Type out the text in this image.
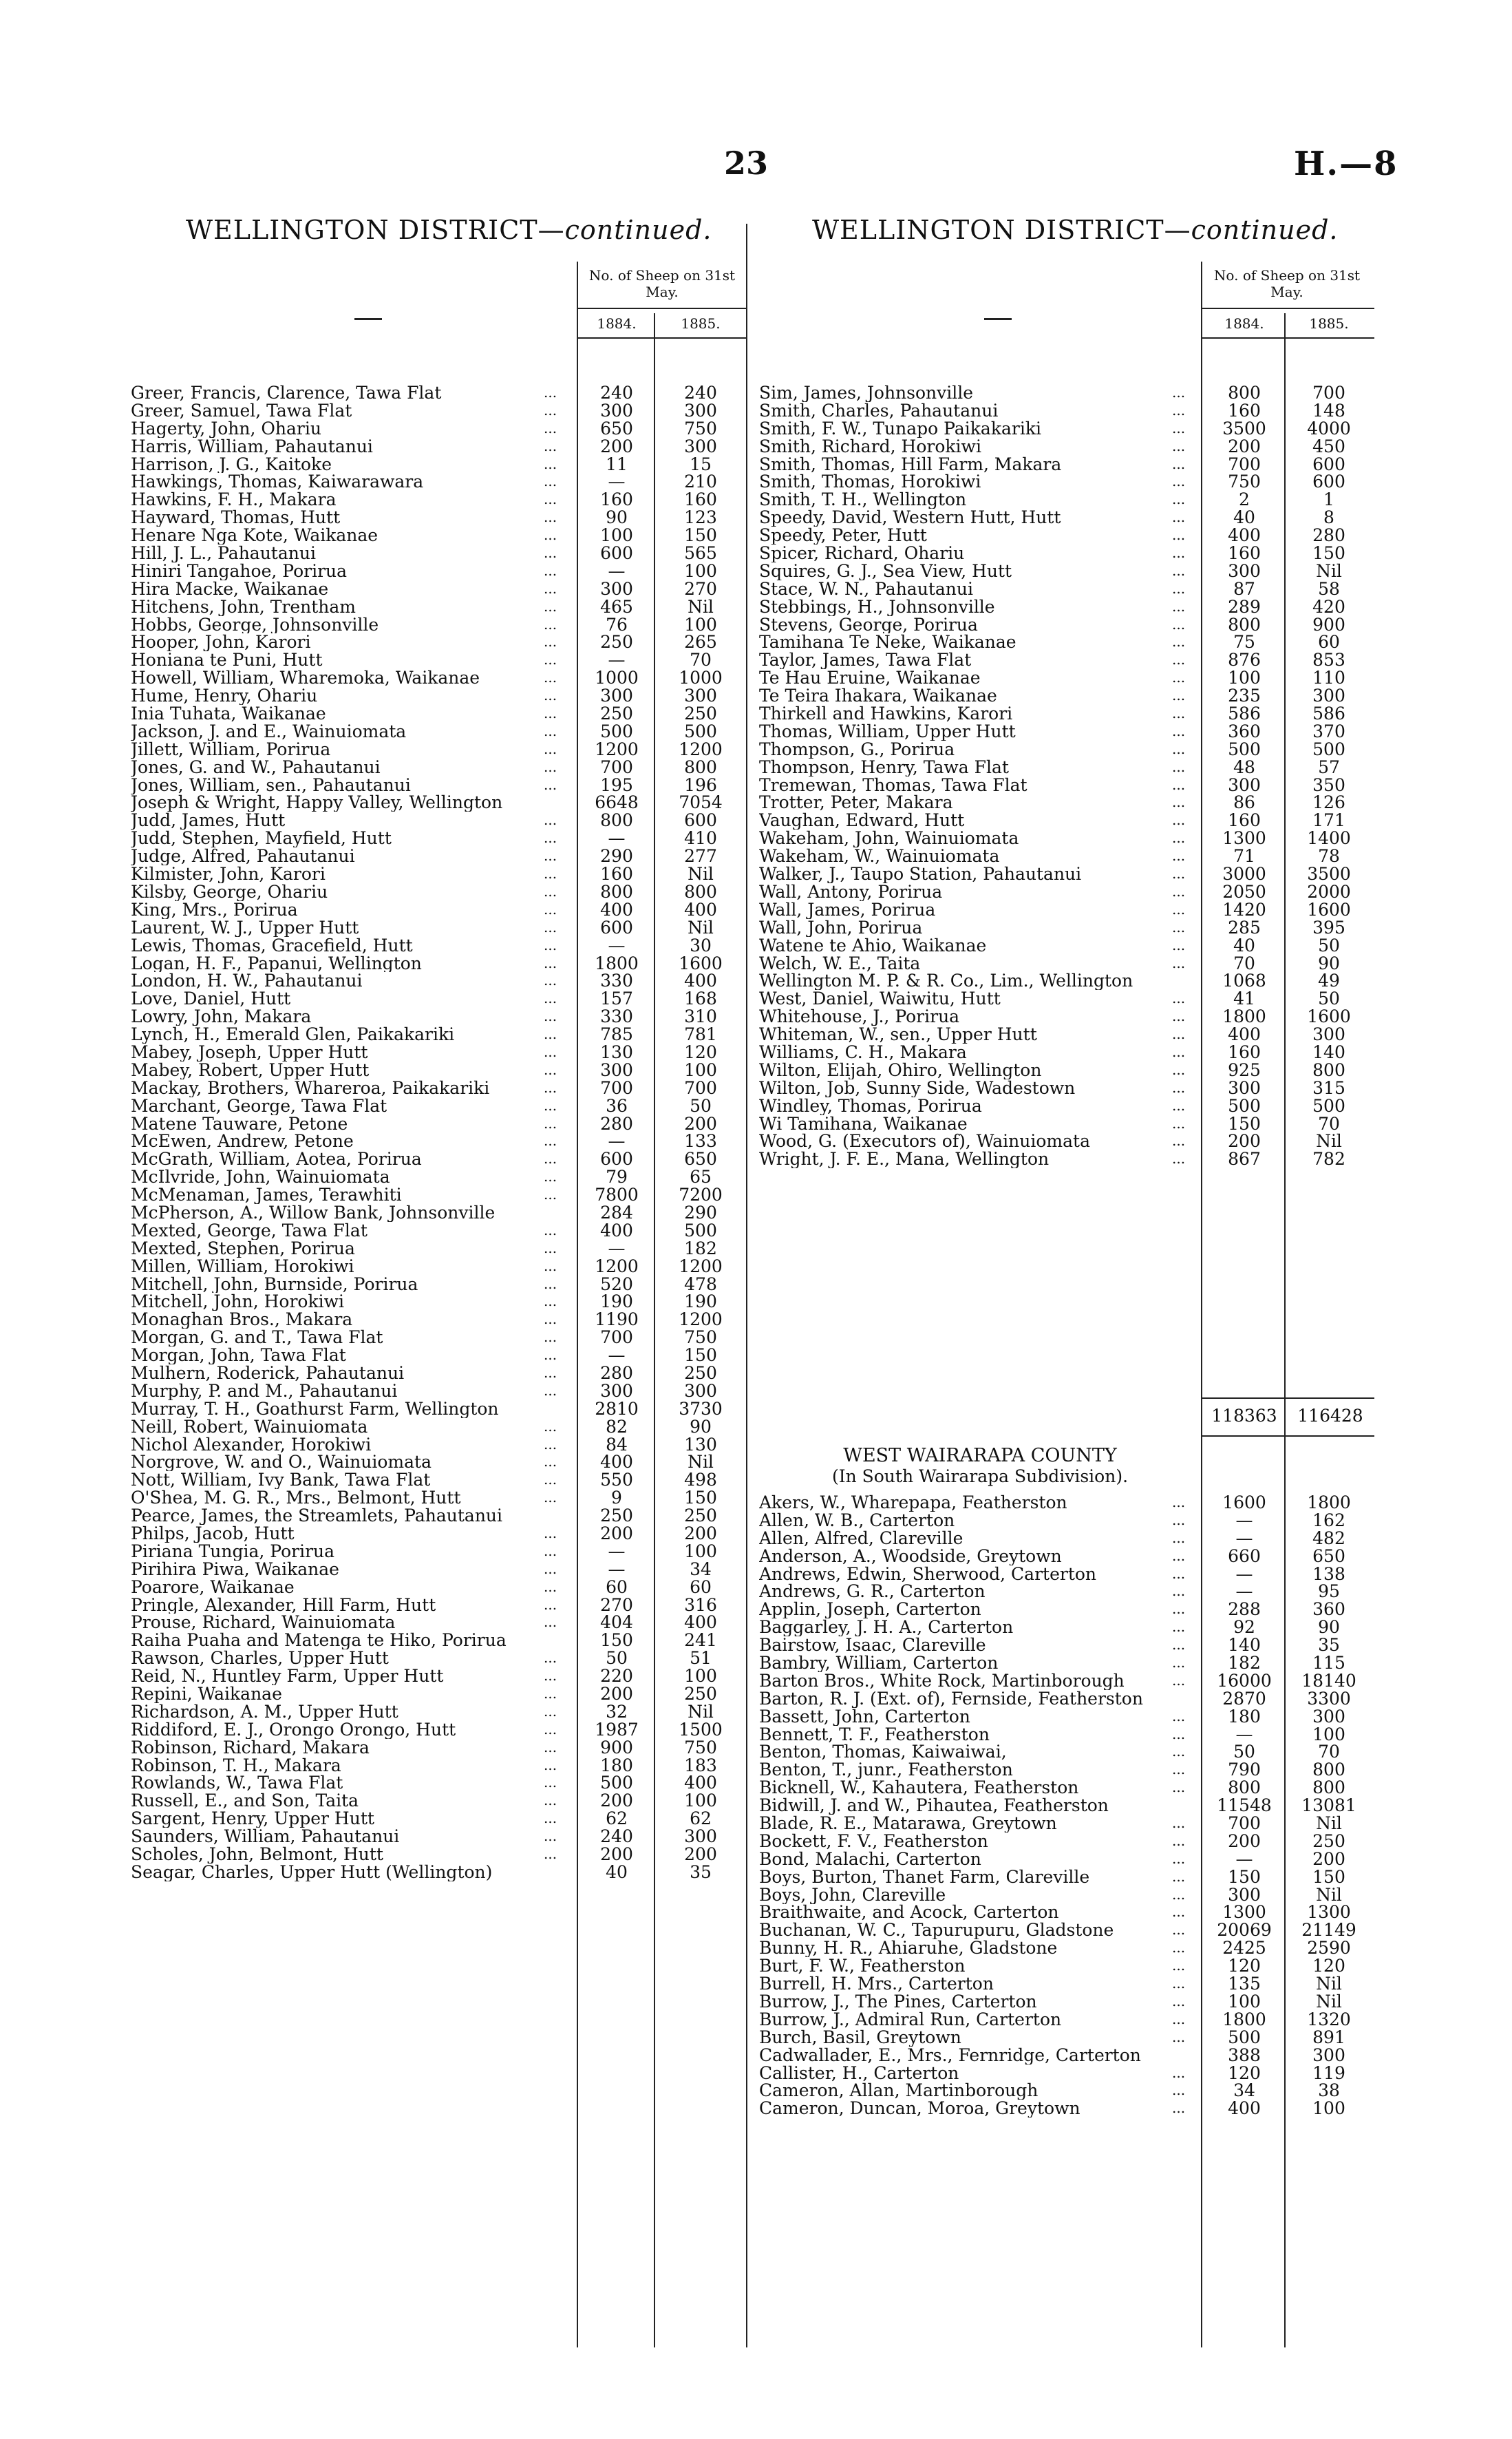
23	H.—8
WELLINGTON DISTRICT—continued.
No. of Sheep on 31st May.
1884.	1885.
Greer, Francis, Clarence, Tawa Flat	...	240	240
Greer, Samuel, Tawa Flat	...	300	300
Hagerty, John, Ohariu	...	650	750
Harris, William, Pahautanui	...	200	300
Harrison, J. G., Kaitoke	...	11	15
Hawkings, Thomas, Kaiwarawara	...	—	210
Hawkins, F. H., Makara	...	160	160
Hayward, Thomas, Hutt	...	90	123
Henare Nga Kote, Waikanae	...	100	150
Hill, J. L., Pahautanui	...	600	565
Hiniri Tangahoe, Porirua	...	—	100
Hira Macke, Waikanae	...	300	270
Hitchens, John, Trentham	...	465	Nil
Hobbs, George, Johnsonville	...	76	100
Hooper, John, Karori	...	250	265
Honiana te Puni, Hutt	...	—	70
Howell, William, Wharemoka, Waikanae	...	1000	1000
Hume, Henry, Ohariu	...	300	300
Inia Tuhata, Waikanae	...	250	250
Jackson, J. and E., Wainuiomata	...	500	500
Jillett, William, Porirua	...	1200	1200
Jones, G. and W., Pahautanui	...	700	800
Jones, William, sen., Pahautanui	...	195	196
Joseph & Wright, Happy Valley, Wellington	6648	7054
Judd, James, Hutt	...	800	600
Judd, Stephen, Mayfield, Hutt	...	—	410
Judge, Alfred, Pahautanui	...	290	277
Kilmister, John, Karori	...	160	Nil
Kilsby, George, Ohariu	...	800	800
King, Mrs., Porirua	...	400	400
Laurent, W. J., Upper Hutt	...	600	Nil
Lewis, Thomas, Gracefield, Hutt	...	—	30
Logan, H. F., Papanui, Wellington	...	1800	1600
London, H. W., Pahautanui	...	330	400
Love, Daniel, Hutt	...	157	168
Lowry, John, Makara	...	330	310
Lynch, H., Emerald Glen, Paikakariki	...	785	781
Mabey, Joseph, Upper Hutt	...	130	120
Mabey, Robert, Upper Hutt	...	300	100
Mackay, Brothers, Wharerоa, Paikakariki	...	700	700
Marchant, George, Tawa Flat	...	36	50
Matene Tauware, Petone	...	280	200
McEwen, Andrew, Petone	...	—	133
McGrath, William, Aotea, Porirua	...	600	650
McIlvride, John, Wainuiomata	...	79	65
McMenaman, James, Terawhiti	...	7800	7200
McPherson, A., Willow Bank, Johnsonville	284	290
Mexted, George, Tawa Flat	...	400	500
Mexted, Stephen, Porirua	...	—	182
Millen, William, Horokiwi	...	1200	1200
Mitchell, John, Burnside, Porirua	...	520	478
Mitchell, John, Horokiwi	...	190	190
Monaghan Bros., Makara	...	1190	1200
Morgan, G. and T., Tawa Flat	...	700	750
Morgan, John, Tawa Flat	...	—	150
Mulhern, Roderick, Pahautanui	...	280	250
Murphy, P. and M., Pahautanui	...	300	300
Murray, T. H., Goathurst Farm, Wellington	2810	3730
Neill, Robert, Wainuiomata	...	82	90
Nichol Alexander, Horokiwi	...	84	130
Norgrove, W. and O., Wainuiomata	...	400	Nil
Nott, William, Ivy Bank, Tawa Flat	...	550	498
O'Shea, M. G. R., Mrs., Belmont, Hutt	...	9	150
Pearce, James, the Streamlets, Pahautanui	250	250
Philps, Jacob, Hutt	...	200	200
Piriana Tungia, Porirua	...	—	100
Pirihira Piwa, Waikanae	...	—	34
Poarore, Waikanae	...	60	60
Pringle, Alexander, Hill Farm, Hutt	...	270	316
Prouse, Richard, Wainuiomata	...	404	400
Raiha Puaha and Matenga te Hiko, Porirua	150	241
Rawson, Charles, Upper Hutt	...	50	51
Reid, N., Huntley Farm, Upper Hutt	...	220	100
Repini, Waikanae	...	200	250
Richardson, A. M., Upper Hutt	...	32	Nil
Riddiford, E. J., Orongo Orongo, Hutt	...	1987	1500
Robinson, Richard, Makara	...	900	750
Robinson, T. H., Makara	...	180	183
Rowlands, W., Tawa Flat	...	500	400
Russell, E., and Son, Taita	...	200	100
Sargent, Henry, Upper Hutt	...	62	62
Saunders, William, Pahautanui	...	240	300
Scholes, John, Belmont, Hutt	...	200	200
Seagar, Charles, Upper Hutt (Wellington)	40	35
WELLINGTON DISTRICT—continued.
No. of Sheep on 31st May.
1884.	1885.
Sim, James, Johnsonville	...	800	700
Smith, Charles, Pahautanui	...	160	148
Smith, F. W., Tunapo Paikakariki	...	3500	4000
Smith, Richard, Horokiwi	...	200	450
Smith, Thomas, Hill Farm, Makara	...	700	600
Smith, Thomas, Horokiwi	...	750	600
Smith, T. H., Wellington	...	2	1
Speedy, David, Western Hutt, Hutt	...	40	8
Speedy, Peter, Hutt	...	400	280
Spicer, Richard, Ohariu	...	160	150
Squires, G. J., Sea View, Hutt	...	300	Nil
Stace, W. N., Pahautanui	...	87	58
Stebbings, H., Johnsonville	...	289	420
Stevens, George, Porirua	...	800	900
Tamihana Te Neke, Waikanae	...	75	60
Taylor, James, Tawa Flat	...	876	853
Te Hau Eruine, Waikanae	...	100	110
Te Teira Ihakara, Waikanae	...	235	300
Thirkell and Hawkins, Karori	...	586	586
Thomas, William, Upper Hutt	...	360	370
Thompson, G., Porirua	...	500	500
Thompson, Henry, Tawa Flat	...	48	57
Tremewan, Thomas, Tawa Flat	...	300	350
Trotter, Peter, Makara	...	86	126
Vaughan, Edward, Hutt	...	160	171
Wakeham, John, Wainuiomata	...	1300	1400
Wakeham, W., Wainuiomata	...	71	78
Walker, J., Taupo Station, Pahautanui	...	3000	3500
Wall, Antony, Porirua	...	2050	2000
Wall, James, Porirua	...	1420	1600
Wall, John, Porirua	...	285	395
Watene te Ahio, Waikanae	...	40	50
Welch, W. E., Taita	...	70	90
Wellington M. P. & R. Co., Lim., Wellington	1068	49
West, Daniel, Waiwitu, Hutt	...	41	50
Whitehouse, J., Porirua	...	1800	1600
Whiteman, W., sen., Upper Hutt	...	400	300
Williams, C. H., Makara	...	160	140
Wilton, Elijah, Ohiro, Wellington	...	925	800
Wilton, Job, Sunny Side, Wadestown	...	300	315
Windley, Thomas, Porirua	...	500	500
Wi Tamihana, Waikanae	...	150	70
Wood, G. (Executors of), Wainuiomata	...	200	Nil
Wright, J. F. E., Mana, Wellington	...	867	782
118363	116428
WEST WAIRARAPA COUNTY
(In South Wairarapa Subdivision).
Akers, W., Wharepapa, Featherston	...	1600	1800
Allen, W. B., Carterton	...	—	162
Allen, Alfred, Clareville	...	—	482
Anderson, A., Woodside, Greytown	...	660	650
Andrews, Edwin, Sherwood, Carterton	...	—	138
Andrews, G. R., Carterton	...	—	95
Applin, Joseph, Carterton	...	288	360
Baggarley, J. H. A., Carterton	...	92	90
Bairstow, Isaac, Clareville	...	140	35
Bambry, William, Carterton	...	182	115
Barton Bros., White Rock, Martinborough	...	16000	18140
Barton, R. J. (Ext. of), Fernside, Featherston	2870	3300
Bassett, John, Carterton	...	180	300
Bennett, T. F., Featherston	...	—	100
Benton, Thomas, Kaiwaiwai,	...	50	70
Benton, T., junr., Featherston	...	790	800
Bicknell, W., Kahautera, Featherston	...	800	800
Bidwill, J. and W., Pihautea, Featherston	11548	13081
Blade, R. E., Matarawa, Greytown	...	700	Nil
Bockett, F. V., Featherston	...	200	250
Bond, Malachi, Carterton	...	—	200
Boys, Burton, Thanet Farm, Clareville	...	150	150
Boys, John, Clareville	...	300	Nil
Braithwaite, and Acock, Carterton	...	1300	1300
Buchanan, W. C., Tapurupuru, Gladstone	...	20069	21149
Bunny, H. R., Ahiaruhe, Gladstone	...	2425	2590
Burt, F. W., Featherston	...	120	120
Burrell, H. Mrs., Carterton	...	135	Nil
Burrow, J., The Pines, Carterton	...	100	Nil
Burrow, J., Admiral Run, Carterton	...	1800	1320
Burch, Basil, Greytown	...	500	891
Cadwallader, E., Mrs., Fernridge, Carterton	388	300
Callister, H., Carterton	...	120	119
Cameron, Allan, Martinborough	...	34	38
Cameron, Duncan, Moroa, Greytown	...	400	100
